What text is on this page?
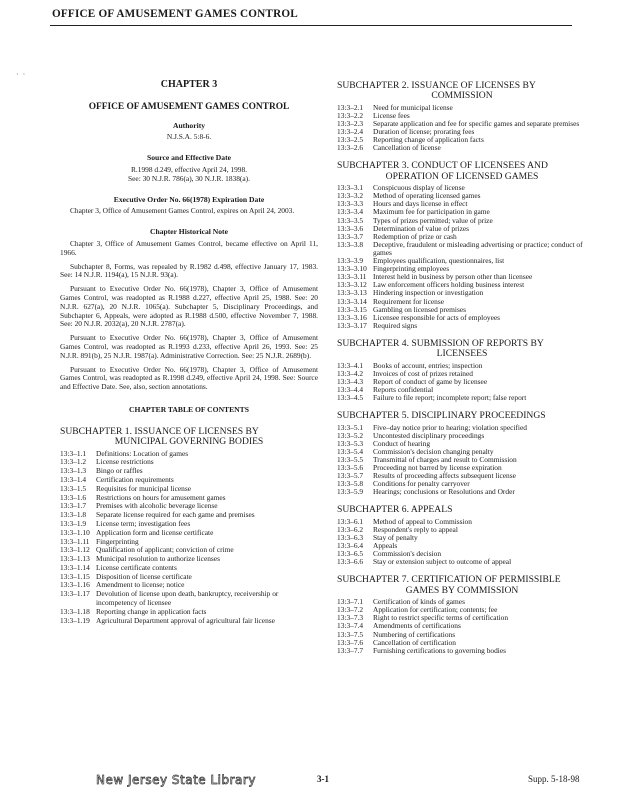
OFFICE OF AMUSEMENT GAMES CONTROL
·  ·

CHAPTER 3

OFFICE OF AMUSEMENT GAMES CONTROL

Authority

N.J.S.A. 5:8-6.

Source and Effective Date

R.1998 d.249, effective April 24, 1998.

See: 30 N.J.R. 786(a), 30 N.J.R. 1838(a).

Executive Order No. 66(1978) Expiration Date

Chapter 3, Office of Amusement Games Control, expires on April 24, 2003.

Chapter Historical Note

Chapter 3, Office of Amusement Games Control, became effective on April 11, 1966.

Subchapter 8, Forms, was repealed by R.1982 d.498, effective January 17, 1983. See: 14 N.J.R. 1194(a), 15 N.J.R. 93(a).

Pursuant to Executive Order No. 66(1978), Chapter 3, Office of Amusement Games Control, was readopted as R.1988 d.227, effective April 25, 1988. See: 20 N.J.R. 627(a), 20 N.J.R. 1065(a). Subchapter 5, Disciplinary Proceedings, and Subchapter 6, Appeals, were adopted as R.1988 d.500, effective November 7, 1988. See: 20 N.J.R. 2032(a), 20 N.J.R. 2787(a).

Pursuant to Executive Order No. 66(1978), Chapter 3, Office of Amusement Games Control, was readopted as R.1993 d.233, effective April 26, 1993. See: 25 N.J.R. 891(b), 25 N.J.R. 1987(a). Administrative Correction. See: 25 N.J.R. 2689(b).

Pursuant to Executive Order No. 66(1978), Chapter 3, Office of Amusement Games Control, was readopted as R.1998 d.249, effective April 24, 1998. See: Source and Effective Date. See, also, section annotations.

CHAPTER TABLE OF CONTENTS

SUBCHAPTER 1. ISSUANCE OF LICENSES BY
MUNICIPAL GOVERNING BODIES
13:3–1.1	Definitions: Location of games
13:3–1.2	License restrictions
13:3–1.3	Bingo or raffles
13:3–1.4	Certification requirements
13:3–1.5	Requisites for municipal license
13:3–1.6	Restrictions on hours for amusement games
13:3–1.7	Premises with alcoholic beverage license
13:3–1.8	Separate license required for each game and premises
13:3–1.9	License term; investigation fees
13:3–1.10 Application form and license certificate
13:3–1.11 Fingerprinting
13:3–1.12 Qualification of applicant; conviction of crime
13:3–1.13 Municipal resolution to authorize licenses
13:3–1.14 License certificate contents
13:3–1.15 Disposition of license certificate
13:3–1.16 Amendment to license; notice
13:3–1.17 Devolution of license upon death, bankruptcy, receivership or incompetency of licensee
13:3–1.18 Reporting change in application facts
13:3–1.19 Agricultural Department approval of agricultural fair license
SUBCHAPTER 2. ISSUANCE OF LICENSES BY
COMMISSION
13:3–2.1	Need for municipal license
13:3–2.2	License fees
13:3–2.3	Separate application and fee for specific games and separate premises
13:3–2.4	Duration of license; prorating fees
13:3–2.5	Reporting change of application facts
13:3–2.6	Cancellation of license
SUBCHAPTER 3. CONDUCT OF LICENSEES AND
OPERATION OF LICENSED GAMES
13:3–3.1	Conspicuous display of license
13:3–3.2	Method of operating licensed games
13:3–3.3	Hours and days license in effect
13:3–3.4	Maximum fee for participation in game
13:3–3.5	Types of prizes permitted; value of prize
13:3–3.6	Determination of value of prizes
13:3–3.7	Redemption of prize or cash
13:3–3.8	Deceptive, fraudulent or misleading advertising or practice; conduct of games
13:3–3.9	Employees qualification, questionnaires, list
13:3–3.10 Fingerprinting employees
13:3–3.11 Interest held in business by person other than licensee
13:3–3.12 Law enforcement officers holding business interest
13:3–3.13 Hindering inspection or investigation
13:3–3.14 Requirement for license
13:3–3.15 Gambling on licensed premises
13:3–3.16 Licensee responsible for acts of employees
13:3–3.17 Required signs
SUBCHAPTER 4. SUBMISSION OF REPORTS BY
LICENSEES
13:3–4.1	Books of account, entries; inspection
13:3–4.2	Invoices of cost of prizes retained
13:3–4.3	Report of conduct of game by licensee
13:3–4.4	Reports confidential
13:3–4.5	Failure to file report; incomplete report; false report
SUBCHAPTER 5. DISCIPLINARY PROCEEDINGS
13:3–5.1	Five–day notice prior to hearing; violation specified
13:3–5.2	Uncontested disciplinary proceedings
13:3–5.3	Conduct of hearing
13:3–5.4	Commission's decision changing penalty
13:3–5.5	Transmittal of charges and result to Commission
13:3–5.6	Proceeding not barred by license expiration
13:3–5.7	Results of proceeding affects subsequent license
13:3–5.8	Conditions for penalty carryover
13:3–5.9	Hearings; conclusions or Resolutions and Order
SUBCHAPTER 6. APPEALS
13:3–6.1	Method of appeal to Commission
13:3–6.2	Respondent's reply to appeal
13:3–6.3	Stay of penalty
13:3–6.4	Appeals
13:3–6.5	Commission's decision
13:3–6.6	Stay or extension subject to outcome of appeal
SUBCHAPTER 7. CERTIFICATION OF PERMISSIBLE
GAMES BY COMMISSION
13:3–7.1	Certification of kinds of games
13:3–7.2	Application for certification; contents; fee
13:3–7.3	Right to restrict specific terms of certification
13:3–7.4	Amendments of certifications
13:3–7.5	Numbering of certifications
13:3–7.6	Cancellation of certification
13:3–7.7	Furnishing certifications to governing bodies
New Jersey State Library	3-1	Supp. 5-18-98
